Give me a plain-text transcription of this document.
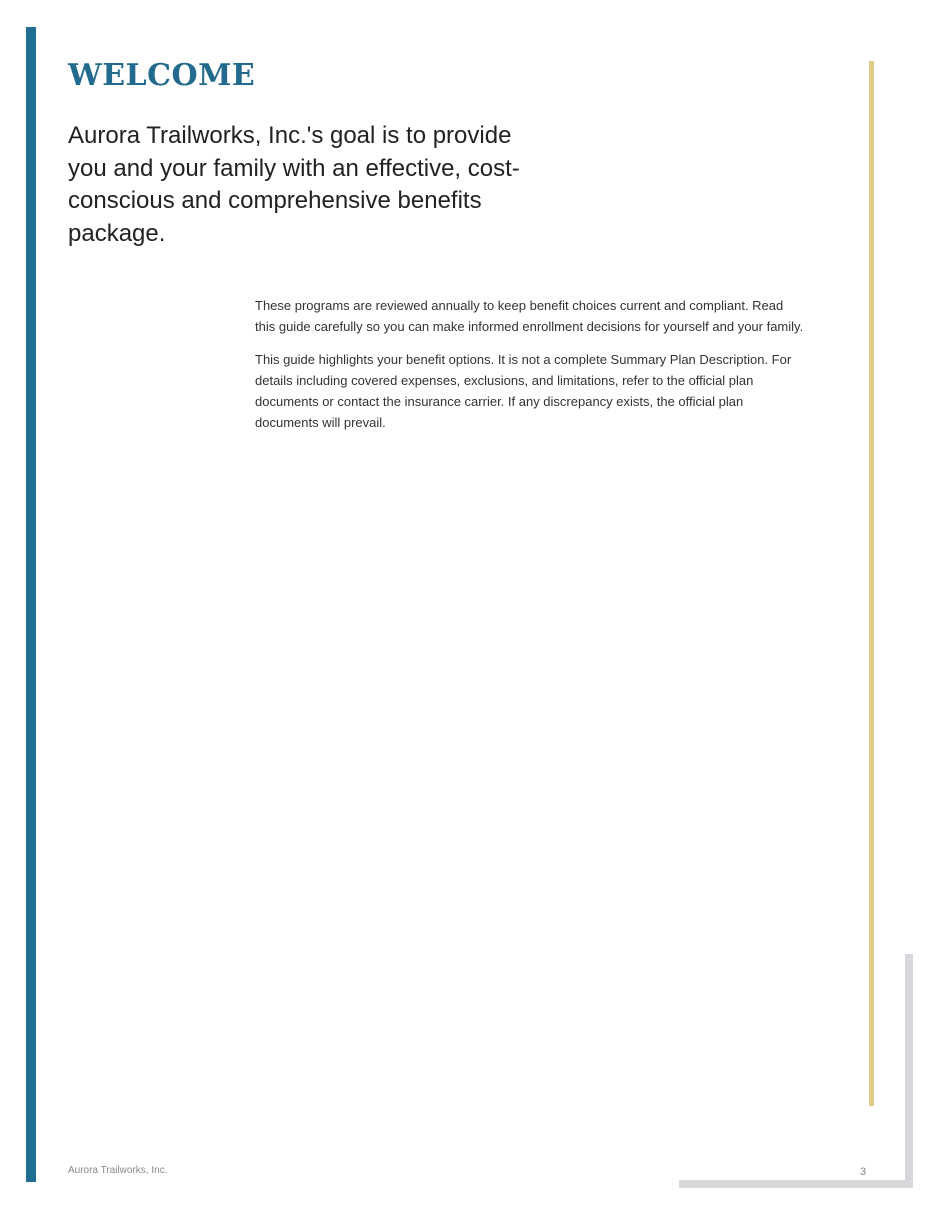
WELCOME

Aurora Trailworks, Inc.'s goal is to provide you and your family with an effective, cost-conscious and comprehensive benefits package.

These programs are reviewed annually to keep benefit choices current and compliant. Read this guide carefully so you can make informed enrollment decisions for yourself and your family.

This guide highlights your benefit options. It is not a complete Summary Plan Description. For details including covered expenses, exclusions, and limitations, refer to the official plan documents or contact the insurance carrier. If any discrepancy exists, the official plan documents will prevail.

Aurora Trailworks, Inc.	3
